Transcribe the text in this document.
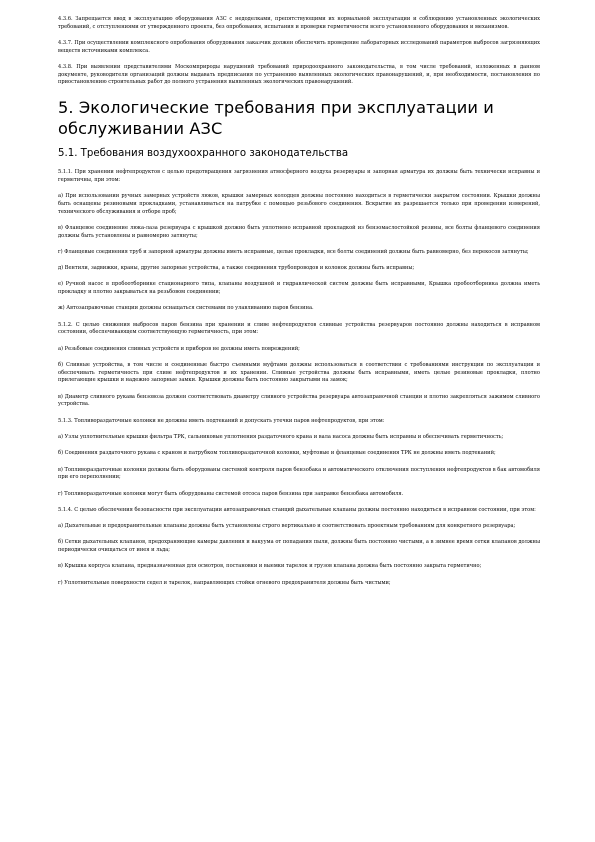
4.3.6. Запрещается ввод в эксплуатацию оборудования АЗС с недоделками, препятствующими их нормальной эксплуатации и соблюдению установленных экологических требований, с отступлениями от утвержденного проекта, без опробования, испытания и проверки герметичности всего установленного оборудования и механизмов.

4.3.7. При осуществлении комплексного опробования оборудования заказчик должен обеспечить проведение лабораторных исследований параметров выбросов загрязняющих веществ источниками комплекса.

4.3.8. При выявлении представителями Москомприроды нарушений требований природоохранного законодательства, в том числе требований, изложенных в данном документе, руководители организаций должны выдавать предписания по устранению выявленных экологических правонарушений, и, при необходимости, постановления по приостановлению строительных работ до полного устранения выявленных экологических правонарушений.

5. Экологические требования при эксплуатации и обслуживании АЗС
5.1. Требования воздухоохранного законодательства

5.1.1. При хранении нефтепродуктов с целью предотвращения загрязнения атмосферного воздуха резервуары и запорная арматура их должны быть технически исправны и герметичны, при этом:

а) При использовании ручных замерных устройств люков, крышки замерных колодцев должны постоянно находиться в герметически закрытом состоянии. Крышки должны быть оснащены резиновыми прокладками, устанавливаться на патрубке с помощью резьбового соединения. Вскрытие их разрешается только при проведении измерений, технического обслуживания и отборе проб;

в) Фланцевое соединение люка-лаза резервуара с крышкой должно быть уплотнено исправной прокладкой из бензомаслостойкой резины, все болты фланцевого соединения должны быть установлены и равномерно затянуты;

г) Фланцевые соединения труб и запорной арматуры должны иметь исправные, целые прокладки, все болты соединений должны быть равномерно, без перекосов затянуты;

д) Вентили, задвижки, краны, другие запорные устройства, а также соединения трубопроводов и колонок должны быть исправны;

е) Ручной насос в пробоотборнике стационарного типа, клапаны воздушной и гидравлической систем должны быть исправными, Крышка пробоотборника должна иметь прокладку и плотно закрываться на резьбовом соединении;

ж) Автозаправочные станции должны оснащаться системами по улавливанию паров бензина.

5.1.2. С целью снижения выбросов паров бензина при хранении и сливе нефтепродуктов сливные устройства резервуаров постоянно должны находиться в исправном состоянии, обеспечивающем соответствующую герметичность, при этом:

а) Резьбовые соединения сливных устройств и приборов не должны иметь повреждений;

б) Сливные устройства, в том числе и соединенные быстро съемными муфтами должны использоваться в соответствии с требованиями инструкции по эксплуатации и обеспечивать герметичность при сливе нефтепродуктов и их хранении. Сливные устройства должны быть исправными, иметь целые резиновые прокладки, плотно прилегающие крышки и надежно запорные замки. Крышки должны быть постоянно закрытыми на замок;

в) Диаметр сливного рукава бензовоза должен соответствовать диаметру сливного устройства резервуара автозаправочной станции и плотно закрепляться зажимом сливного устройства.

5.1.3. Топливораздаточные колонки не должны иметь подтеканий и допускать утечки паров нефтепродуктов, при этом:

а) Узлы уплотнительные крышки фильтра ТРК, сальниковые уплотнения раздаточного крана и вала насоса должны быть исправны и обеспечивать герметичность;

б) Соединения раздаточного рукава с краном и патрубком топливораздаточной колонки, муфтовые и фланцевые соединения ТРК не должны иметь подтеканий;

в) Топливораздаточные колонки должны быть оборудованы системой контроля паров бензобака и автоматического отключения поступления нефтепродуктов в бак автомобиля при его переполнении;

г) Топливораздаточные колонки могут быть оборудованы системой отсоса паров бензина при заправке бензобака автомобиля.

5.1.4. С целью обеспечения безопасности при эксплуатации автозаправочных станций дыхательные клапаны должны постоянно находиться в исправном состоянии, при этом:

а) Дыхательные и предохранительные клапаны должны быть установлены строго вертикально и соответствовать проектным требованиям для конкретного резервуара;

б) Сетки дыхательных клапанов, предохраняющие камеры давления и вакуума от попадания пыли, должны быть постоянно чистыми, а в зимнее время сетки клапанов должны периодически очищаться от инея и льда;

в) Крышка корпуса клапана, предназначенная для осмотров, постановки и выемки тарелок и грузов клапана должна быть постоянно закрыта герметично;

г) Уплотнительные поверхности седел и тарелок, направляющих стойки огневого предохранителя должны быть чистыми;
